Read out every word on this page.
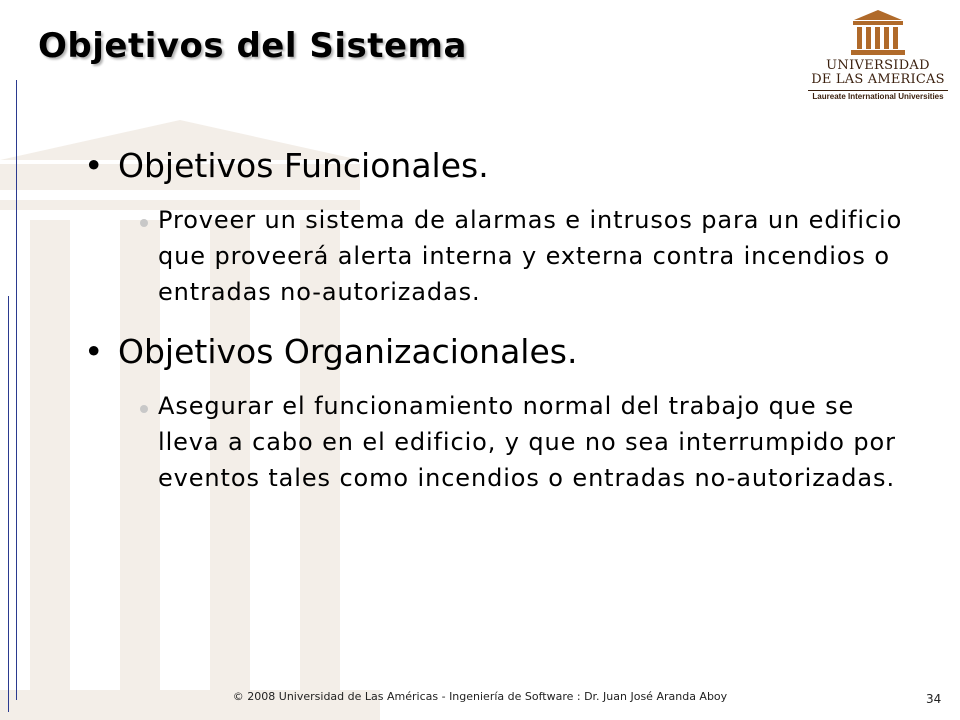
Objetivos del Sistema	UNIVERSIDAD
DE LAS AMERICAS
Laureate International Universities

• Objetivos Funcionales.

Proveer un sistema de alarmas e intrusos para un edificio que proveerá alerta interna y externa contra incendios o entradas no-autorizadas.

• Objetivos Organizacionales.

Asegurar el funcionamiento normal del trabajo que se lleva a cabo en el edificio, y que no sea interrumpido por eventos tales como incendios o entradas no-autorizadas.
© 2008 Universidad de Las Américas - Ingeniería de Software : Dr. Juan José Aranda Aboy	34
